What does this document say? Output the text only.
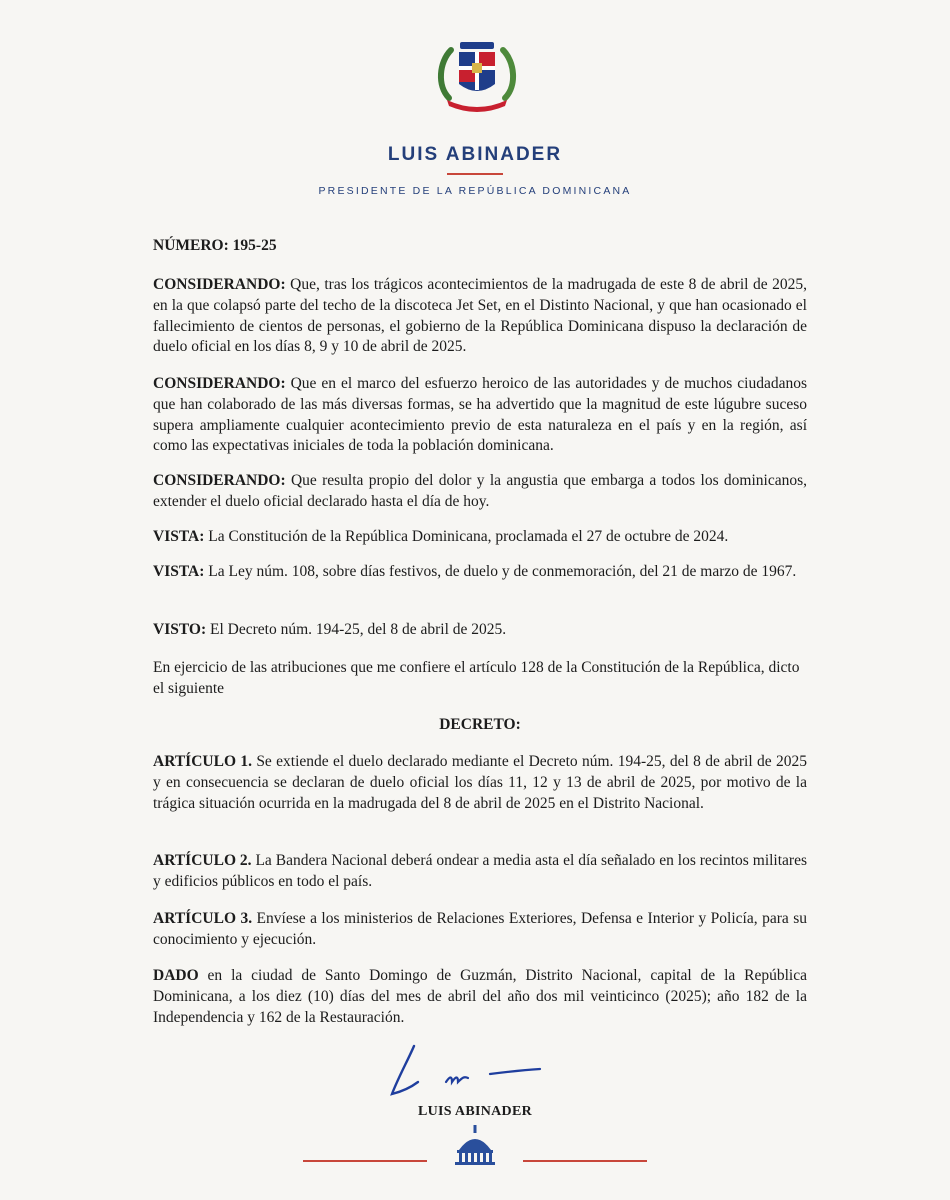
LUIS ABINADER
PRESIDENTE DE LA REPÚBLICA DOMINICANA

NÚMERO: 195-25

CONSIDERANDO: Que, tras los trágicos acontecimientos de la madrugada de este 8 de abril de 2025, en la que colapsó parte del techo de la discoteca Jet Set, en el Distinto Nacional, y que han ocasionado el fallecimiento de cientos de personas, el gobierno de la República Dominicana dispuso la declaración de duelo oficial en los días 8, 9 y 10 de abril de 2025.

CONSIDERANDO: Que en el marco del esfuerzo heroico de las autoridades y de muchos ciudadanos que han colaborado de las más diversas formas, se ha advertido que la magnitud de este lúgubre suceso supera ampliamente cualquier acontecimiento previo de esta naturaleza en el país y en la región, así como las expectativas iniciales de toda la población dominicana.

CONSIDERANDO: Que resulta propio del dolor y la angustia que embarga a todos los dominicanos, extender el duelo oficial declarado hasta el día de hoy.

VISTA: La Constitución de la República Dominicana, proclamada el 27 de octubre de 2024.

VISTA: La Ley núm. 108, sobre días festivos, de duelo y de conmemoración, del 21 de marzo de 1967.

VISTO: El Decreto núm. 194-25, del 8 de abril de 2025.

En ejercicio de las atribuciones que me confiere el artículo 128 de la Constitución de la República, dicto el siguiente

DECRETO:

ARTÍCULO 1. Se extiende el duelo declarado mediante el Decreto núm. 194-25, del 8 de abril de 2025 y en consecuencia se declaran de duelo oficial los días 11, 12 y 13 de abril de 2025, por motivo de la trágica situación ocurrida en la madrugada del 8 de abril de 2025 en el Distrito Nacional.

ARTÍCULO 2. La Bandera Nacional deberá ondear a media asta el día señalado en los recintos militares y edificios públicos en todo el país.

ARTÍCULO 3. Envíese a los ministerios de Relaciones Exteriores, Defensa e Interior y Policía, para su conocimiento y ejecución.

DADO en la ciudad de Santo Domingo de Guzmán, Distrito Nacional, capital de la República Dominicana, a los diez (10) días del mes de abril del año dos mil veinticinco (2025); año 182 de la Independencia y 162 de la Restauración.

LUIS ABINADER
